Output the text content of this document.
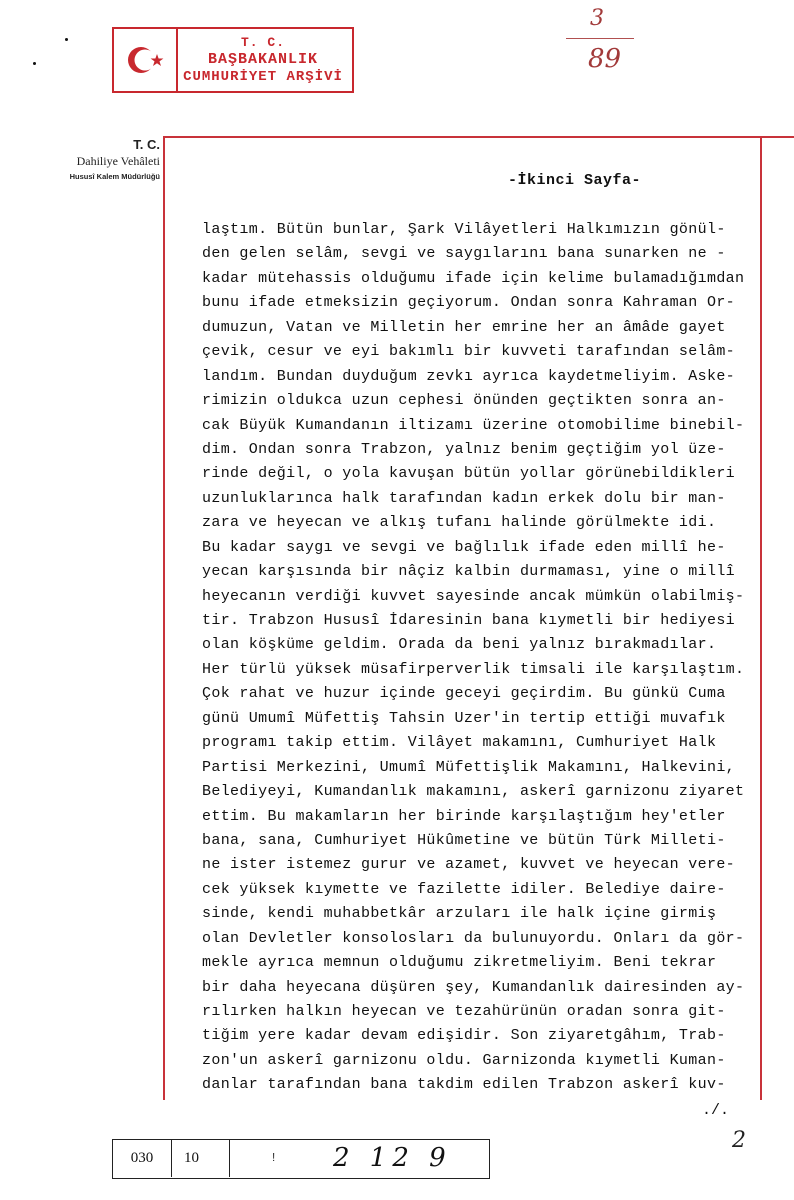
T. C.
BAŞBAKANLIK
CUMHURİYET ARŞİVİ
3
89
T. C.
Dahiliye Vehâleti
Hususî Kalem Müdürlüğü	-İkinci Sayfa-
laştım. Bütün bunlar, Şark Vilâyetleri Halkımızın gönül-
den gelen selâm, sevgi ve saygılarını bana sunarken ne -
kadar mütehassis olduğumu ifade için kelime bulamadığımdan
bunu ifade etmeksizin geçiyorum. Ondan sonra Kahraman Or-
dumuzun, Vatan ve Milletin her emrine her an âmâde gayet
çevik, cesur ve eyi bakımlı bir kuvveti tarafından selâm-
landım. Bundan duyduğum zevkı ayrıca kaydetmeliyim. Aske-
rimizin oldukca uzun cephesi önünden geçtikten sonra an-
cak Büyük Kumandanın iltizamı üzerine otomobilime binebil-
dim. Ondan sonra Trabzon, yalnız benim geçtiğim yol üze-
rinde değil, o yola kavuşan bütün yollar görünebildikleri
uzunluklarınca halk tarafından kadın erkek dolu bir man-
zara ve heyecan ve alkış tufanı halinde görülmekte idi.
Bu kadar saygı ve sevgi ve bağlılık ifade eden millî he-
yecan karşısında bir nâçiz kalbin durmaması, yine o millî
heyecanın verdiği kuvvet sayesinde ancak mümkün olabilmiş-
tir. Trabzon Hususî İdaresinin bana kıymetli bir hediyesi
olan köşküme geldim. Orada da beni yalnız bırakmadılar.
Her türlü yüksek müsafirperverlik timsali ile karşılaştım.
Çok rahat ve huzur içinde geceyi geçirdim. Bu günkü Cuma
günü Umumî Müfettiş Tahsin Uzer'in tertip ettiği muvafık
programı takip ettim. Vilâyet makamını, Cumhuriyet Halk
Partisi Merkezini, Umumî Müfettişlik Makamını, Halkevini,
Belediyeyi, Kumandanlık makamını, askerî garnizonu ziyaret
ettim. Bu makamların her birinde karşılaştığım hey'etler
bana, sana, Cumhuriyet Hükûmetine ve bütün Türk Milleti-
ne ister istemez gurur ve azamet, kuvvet ve heyecan vere-
cek yüksek kıymette ve fazilette idiler. Belediye daire-
sinde, kendi muhabbetkâr arzuları ile halk içine girmiş
olan Devletler konsolosları da bulunuyordu. Onları da gör-
mekle ayrıca memnun olduğumu zikretmeliyim. Beni tekrar
bir daha heyecana düşüren şey, Kumandanlık dairesinden ay-
rılırken halkın heyecan ve tezahürünün oradan sonra git-
tiğim yere kadar devam edişidir. Son ziyaretgâhım, Trab-
zon'un askerî garnizonu oldu. Garnizonda kıymetli Kuman-
danlar tarafından bana takdim edilen Trabzon askerî kuv-
./.
030	10	2 12 9
!
2
